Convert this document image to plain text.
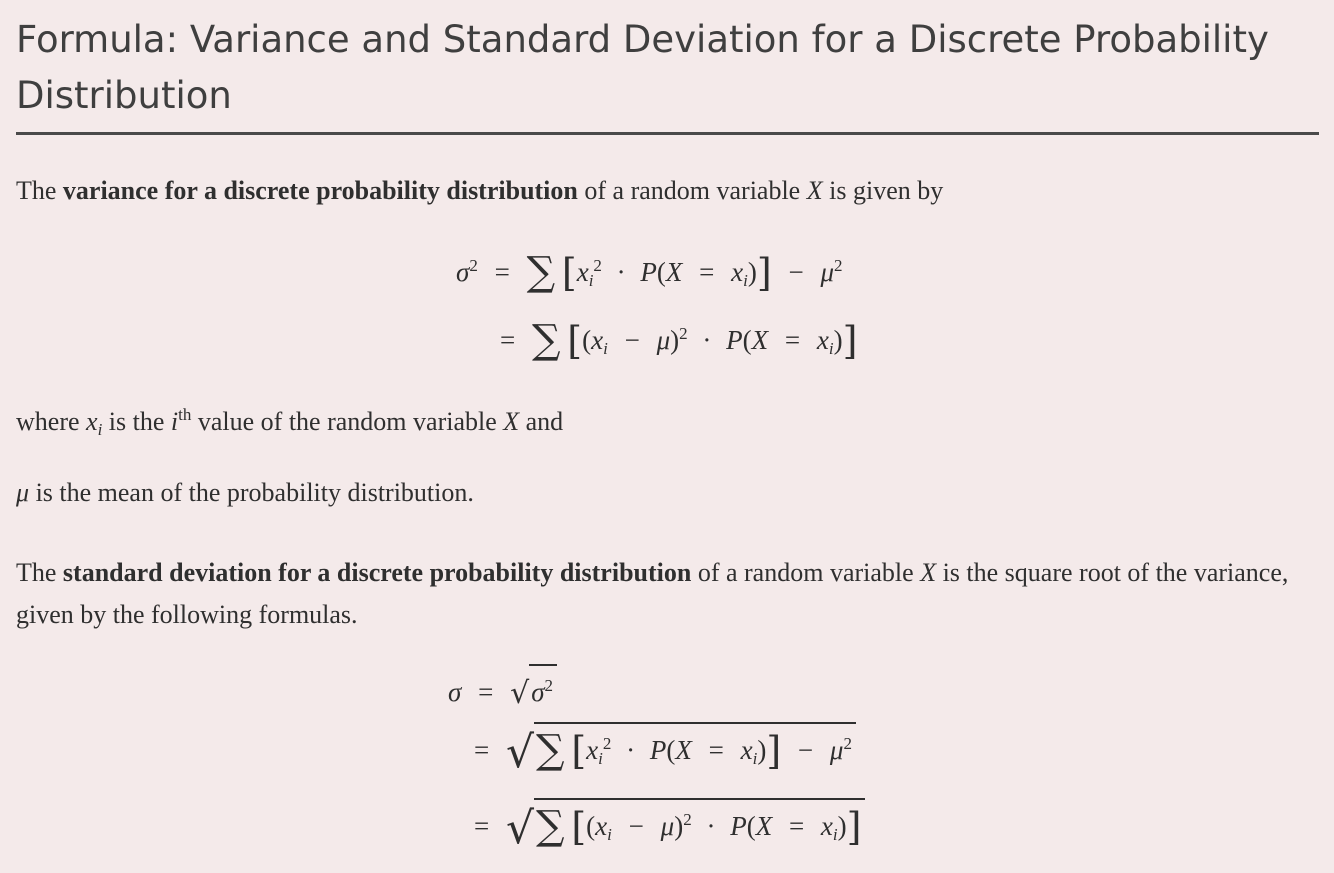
Formula: Variance and Standard Deviation for a Discrete Probability Distribution
The variance for a discrete probability distribution of a random variable X is given by
$\sigma^2$ = ∑ $[x_i^2 \cdot P(X = x_i)] - \mu^2$
= ∑ $[(x_i - \mu)^2 \cdot P(X = x_i)]$
where $x_i$ is the $i^{th}$ value of the random variable X and
μ is the mean of the probability distribution.
The standard deviation for a discrete probability distribution of a random variable X is the square root of the variance, given by the following formulas.
$\sigma = √\sigma^2$
= √∑ $[x_i^2 \cdot P(X = x_i)] - \mu^2$
= √∑ $[(x_i - \mu)^2 \cdot P(X = x_i)]$
